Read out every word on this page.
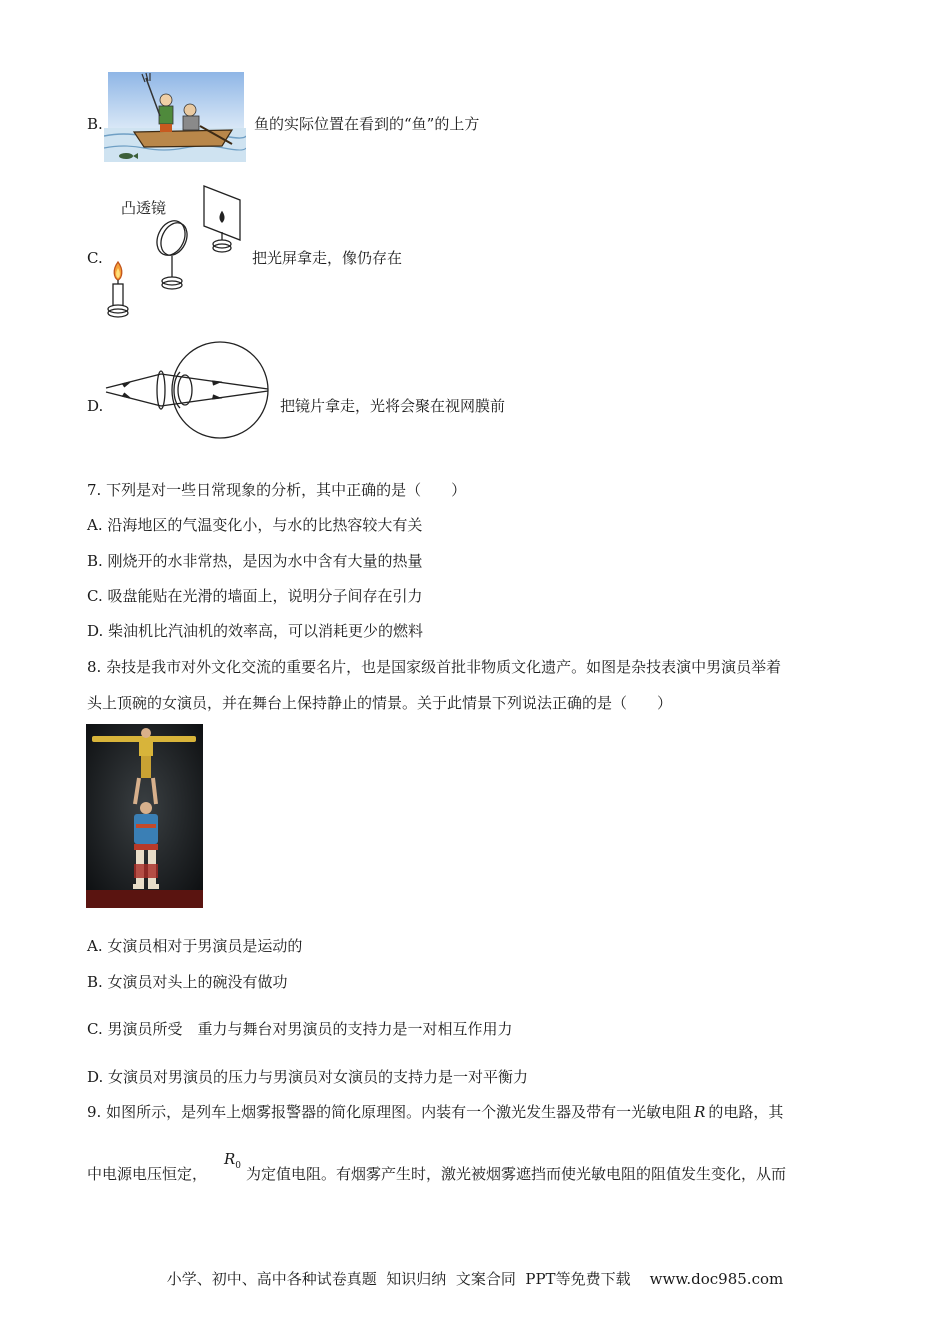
B.	鱼的实际位置在看到的“鱼”的上方
C.
凸透镜
把光屏拿走，像仍存在
D.	把镜片拿走，光将会聚在视网膜前
7. 下列是对一些日常现象的分析，其中正确的是（　　）
A. 沿海地区的气温变化小，与水的比热容较大有关
B. 刚烧开的水非常热，是因为水中含有大量的热量
C. 吸盘能贴在光滑的墙面上，说明分子间存在引力
D. 柴油机比汽油机的效率高，可以消耗更少的燃料
8. 杂技是我市对外文化交流的重要名片，也是国家级首批非物质文化遗产。如图是杂技表演中男演员举着
头上顶碗的女演员，并在舞台上保持静止的情景。关于此情景下列说法正确的是（　　）
A. 女演员相对于男演员是运动的
B. 女演员对头上的碗没有做功
C. 男演员所受　重力与舞台对男演员的支持力是一对相互作用力
D. 女演员对男演员的压力与男演员对女演员的支持力是一对平衡力
9. 如图所示，是列车上烟雾报警器的简化原理图。内装有一个激光发生器及带有一光敏电阻 R 的电路，其
中电源电压恒定，
$R_0$ 为定值电阻。有烟雾产生时，激光被烟雾遮挡而使光敏电阻的阻值发生变化，从而
小学、初中、高中各种试卷真题  知识归纳  文案合同  PPT等免费下载    www.doc985.com
